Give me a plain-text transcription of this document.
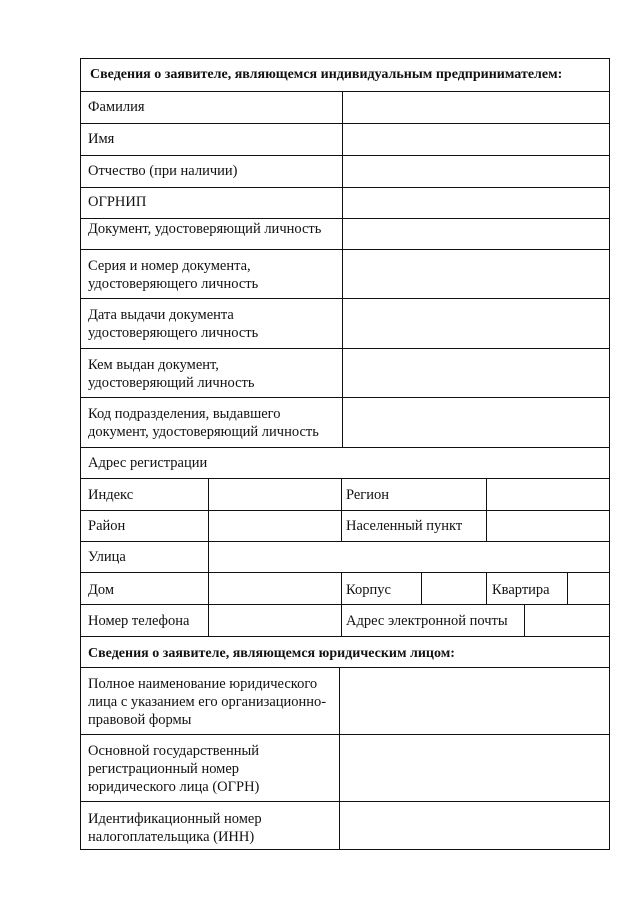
Сведения о заявителе, являющемся индивидуальным предпринимателем:
Фамилия
Имя
Отчество (при наличии)
ОГРНИП
Документ, удостоверяющий личность
Серия и номер документа,
удостоверяющего личность
Дата выдачи документа
удостоверяющего личность
Кем выдан документ,
удостоверяющий личность
Код подразделения, выдавшего
документ, удостоверяющий личность
Адрес регистрации
Индекс	Регион
Район	Населенный пункт
Улица
Дом	Корпус	Квартира
Номер телефона	Адрес электронной почты
Сведения о заявителе, являющемся юридическим лицом:
Полное наименование юридического
лица с указанием его организационно-
правовой формы
Основной государственный
регистрационный номер
юридического лица (ОГРН)
Идентификационный номер
налогоплательщика (ИНН)
